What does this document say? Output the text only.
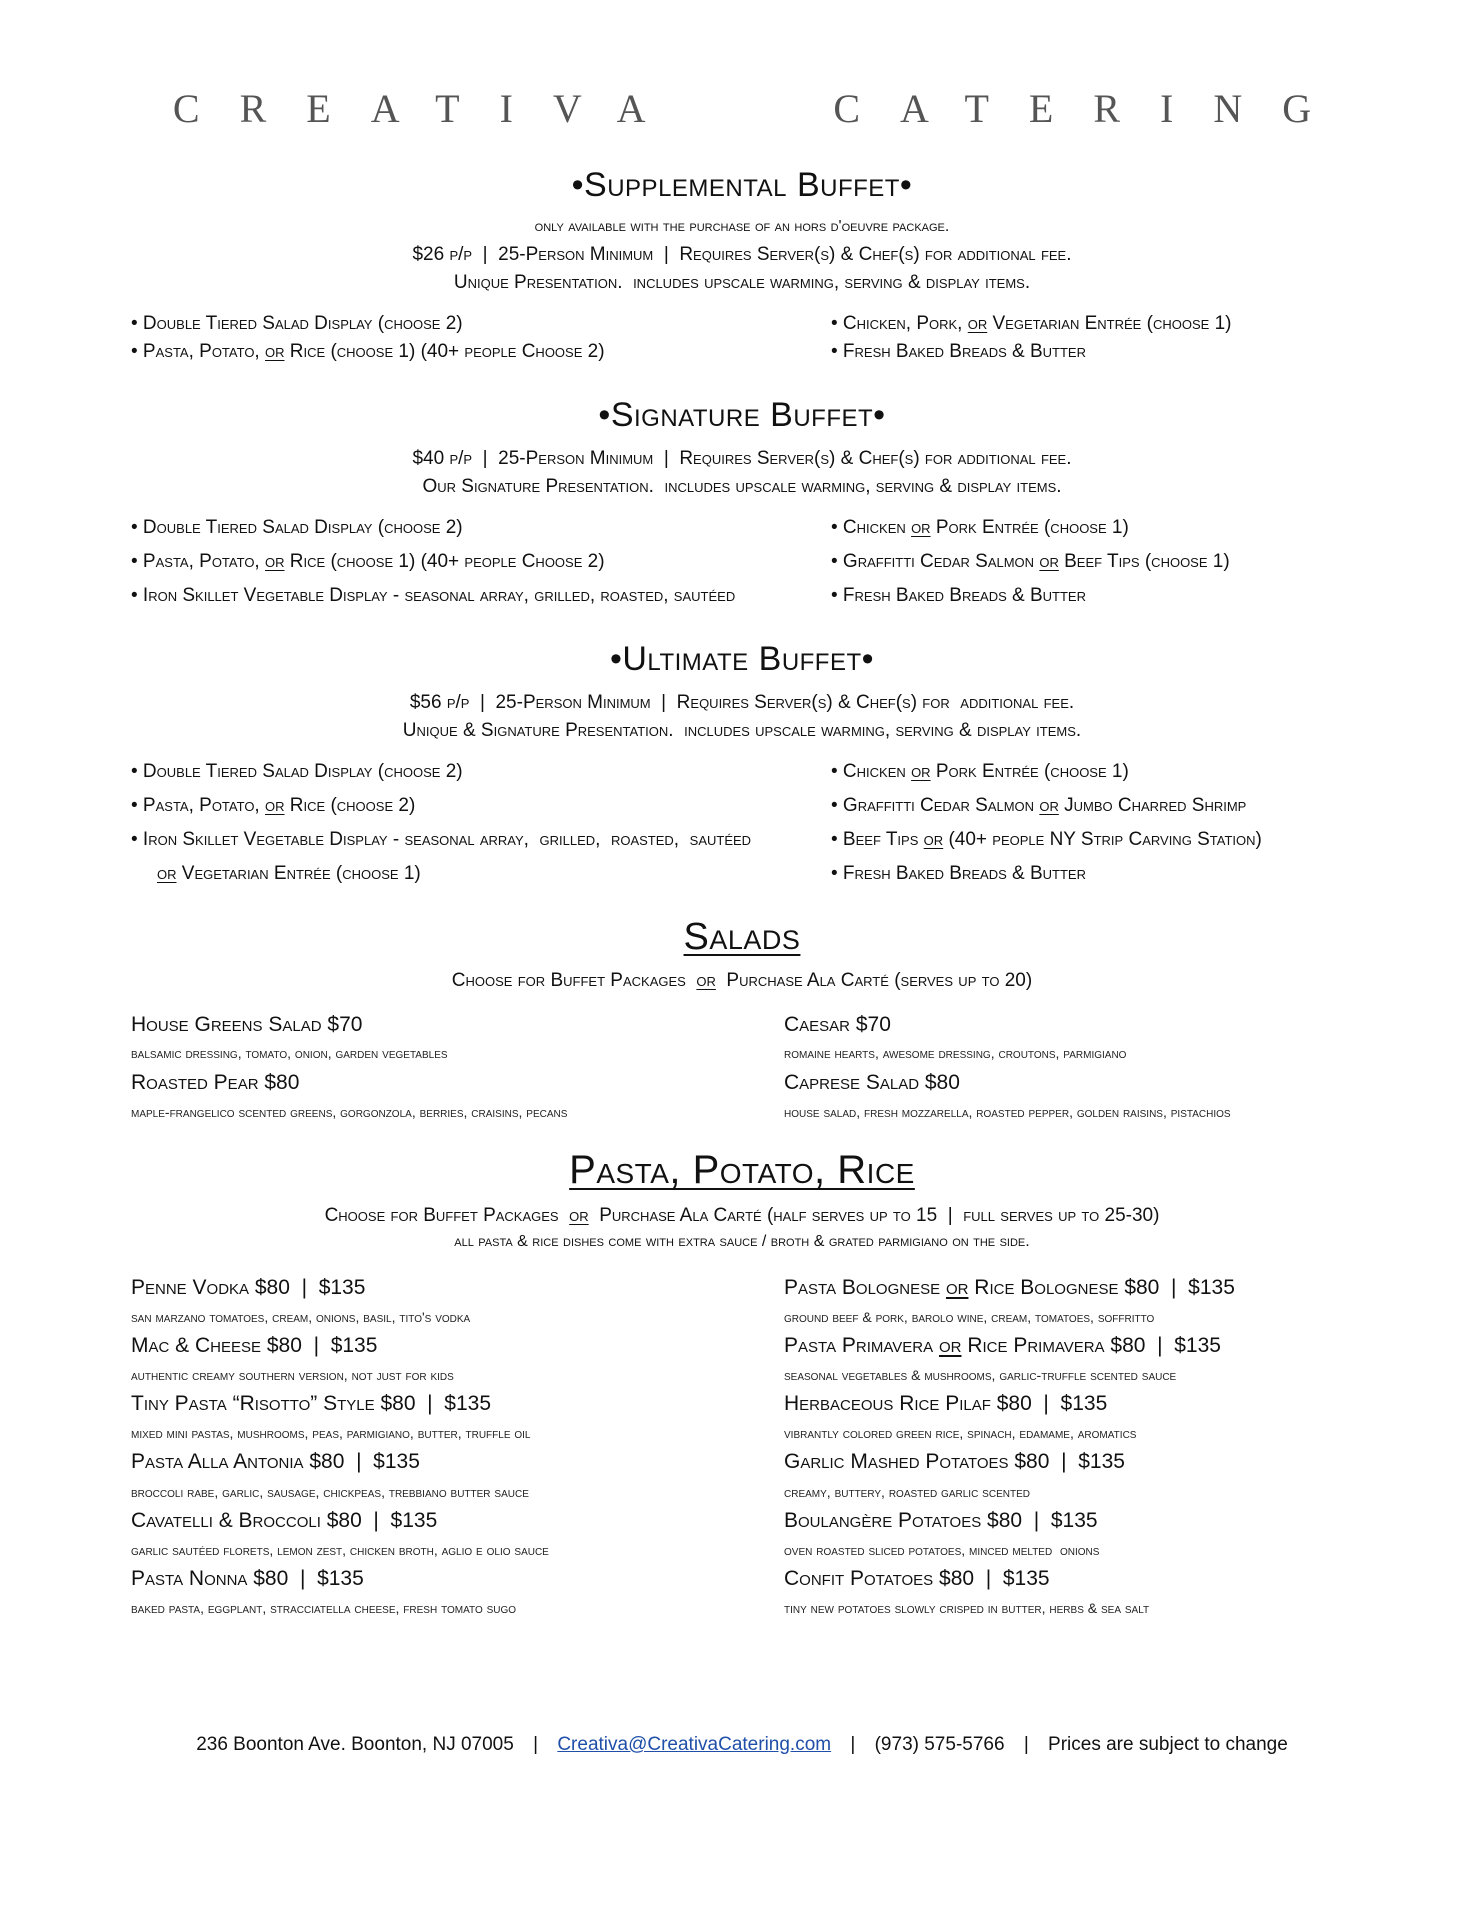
CREATIVA   CATERING
•Supplemental Buffet•
only available with the purchase of an hors d'oeuvre package.
$26 p/p  |  25-Person Minimum  |  Requires Server(s) & Chef(s) for additional fee.
Unique Presentation.  includes upscale warming, serving & display items.
• Double Tiered Salad Display (choose 2)
• Pasta, Potato, or Rice (choose 1) (40+ people Choose 2)
• Chicken, Pork, or Vegetarian Entrée (choose 1)
• Fresh Baked Breads & Butter
•Signature Buffet•
$40 p/p  |  25-Person Minimum  |  Requires Server(s) & Chef(s) for additional fee.
Our Signature Presentation.  includes upscale warming, serving & display items.
• Double Tiered Salad Display (choose 2)
• Pasta, Potato, or Rice (choose 1) (40+ people Choose 2)
• Iron Skillet Vegetable Display - seasonal array, grilled, roasted, sautéed
• Chicken or Pork Entrée (choose 1)
• Graffitti Cedar Salmon or Beef Tips (choose 1)
• Fresh Baked Breads & Butter
•Ultimate Buffet•
$56 p/p  |  25-Person Minimum  |  Requires Server(s) & Chef(s) for  additional fee.
Unique & Signature Presentation.  includes upscale warming, serving & display items.
• Double Tiered Salad Display (choose 2)
• Pasta, Potato, or Rice (choose 2)
• Iron Skillet Vegetable Display - seasonal array,  grilled,  roasted,  sautéed
or Vegetarian Entrée (choose 1)
• Chicken or Pork Entrée (choose 1)
• Graffitti Cedar Salmon or Jumbo Charred Shrimp
• Beef Tips or (40+ people NY Strip Carving Station)
• Fresh Baked Breads & Butter
Salads
Choose for Buffet Packages  or  Purchase Ala Carté (serves up to 20)
House Greens Salad $70
balsamic dressing, tomato, onion, garden vegetables
Caesar $70
romaine hearts, awesome dressing, croutons, parmigiano
Roasted Pear $80
maple-frangelico scented greens, gorgonzola, berries, craisins, pecans
Caprese Salad $80
house salad, fresh mozzarella, roasted pepper, golden raisins, pistachios
Pasta, Potato, Rice
Choose for Buffet Packages  or  Purchase Ala Carté (half serves up to 15  |  full serves up to 25-30)
all pasta & rice dishes come with extra sauce / broth & grated parmigiano on the side.
Penne Vodka $80  |  $135
san marzano tomatoes, cream, onions, basil, tito's vodka
Mac & Cheese $80  |  $135
authentic creamy southern version, not just for kids
Tiny Pasta “Risotto” Style $80  |  $135
mixed mini pastas, mushrooms, peas, parmigiano, butter, truffle oil
Pasta Alla Antonia $80  |  $135
broccoli rabe, garlic, sausage, chickpeas, trebbiano butter sauce
Cavatelli & Broccoli $80  |  $135
garlic sautéed florets, lemon zest, chicken broth, aglio e olio sauce
Pasta Nonna $80  |  $135
baked pasta, eggplant, stracciatella cheese, fresh tomato sugo
Pasta Bolognese or Rice Bolognese $80  |  $135
ground beef & pork, barolo wine, cream, tomatoes, soffritto
Pasta Primavera or Rice Primavera $80  |  $135
seasonal vegetables & mushrooms, garlic-truffle scented sauce
Herbaceous Rice Pilaf $80  |  $135
vibrantly colored green rice, spinach, edamame, aromatics
Garlic Mashed Potatoes $80  |  $135
creamy, buttery, roasted garlic scented
Boulangère Potatoes $80  |  $135
oven roasted sliced potatoes, minced melted  onions
Confit Potatoes $80  |  $135
tiny new potatoes slowly crisped in butter, herbs & sea salt
236 Boonton Ave. Boonton, NJ 07005 | Creativa@CreativaCatering.com | (973) 575-5766 | Prices are subject to change
